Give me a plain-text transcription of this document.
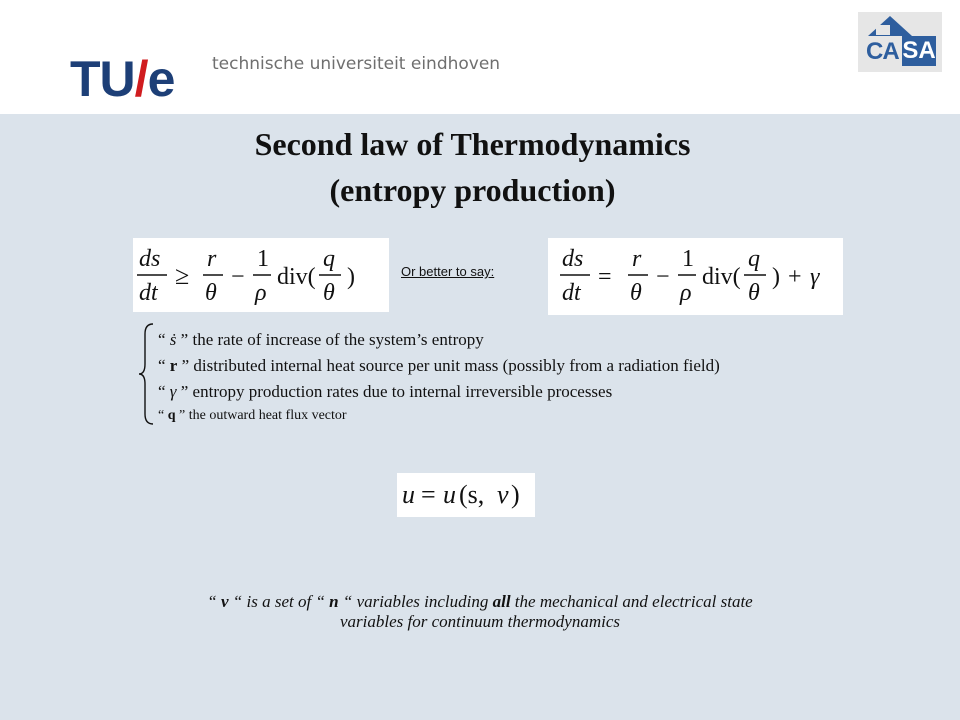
TU/e technische universiteit eindhoven	CA SA
Second law of Thermodynamics
(entropy production)
ds
dt
≥
r
θ
−
1
ρ
div(
q
θ
)	Or better to say:	ds
dt
=
r
θ
−
1
ρ
div(
q
θ
) + γ
“ ṡ ” the rate of increase of the system’s entropy
“ r ” distributed internal heat source per unit mass (possibly from a radiation field)
“ γ ” entropy production rates due to internal irreversible processes
“ q ” the outward heat flux vector
u = u (s, v )
“ v “ is a set of “ n “ variables including all the mechanical and electrical state
variables for continuum thermodynamics
